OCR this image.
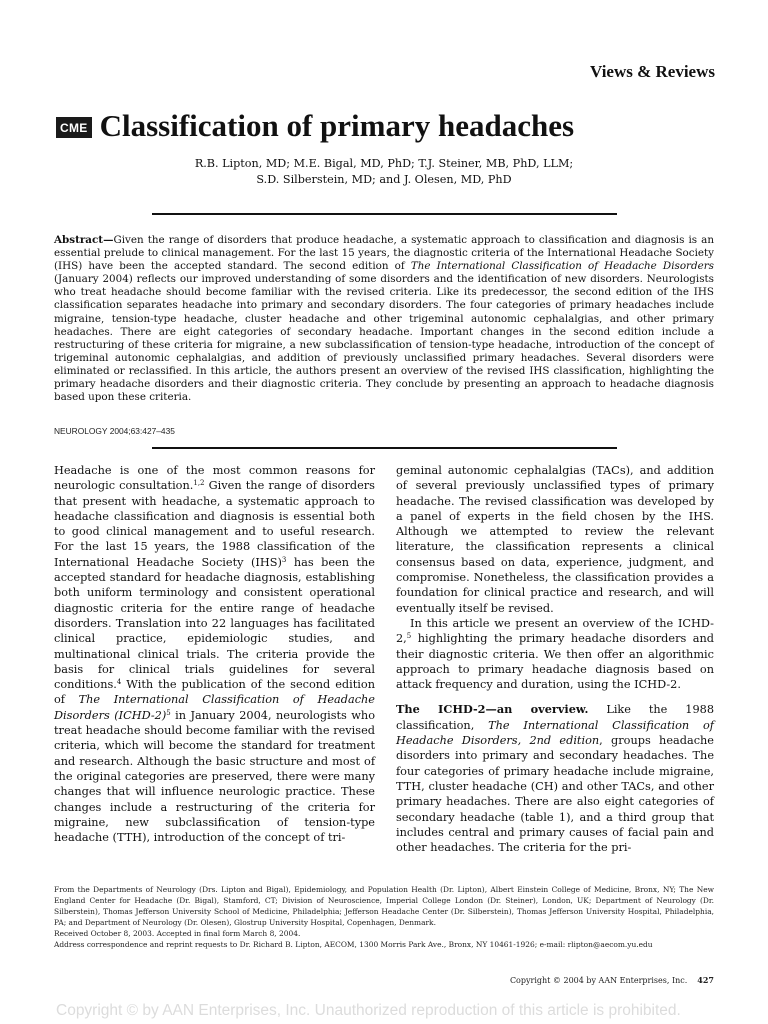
Views & Reviews
CME Classification of primary headaches
R.B. Lipton, MD; M.E. Bigal, MD, PhD; T.J. Steiner, MB, PhD, LLM;
S.D. Silberstein, MD; and J. Olesen, MD, PhD
Abstract—Given the range of disorders that produce headache, a systematic approach to classification and diagnosis is an essential prelude to clinical management. For the last 15 years, the diagnostic criteria of the International Headache Society (IHS) have been the accepted standard. The second edition of The International Classification of Headache Disorders (January 2004) reflects our improved understanding of some disorders and the identification of new disorders. Neurologists who treat headache should become familiar with the revised criteria. Like its predecessor, the second edition of the IHS classification separates headache into primary and secondary disorders. The four categories of primary headaches include migraine, tension-type headache, cluster headache and other trigeminal autonomic cephalalgias, and other primary headaches. There are eight categories of secondary headache. Important changes in the second edition include a restructuring of these criteria for migraine, a new subclassification of tension-type headache, introduction of the concept of trigeminal autonomic cephalalgias, and addition of previously unclassified primary headaches. Several disorders were eliminated or reclassified. In this article, the authors present an overview of the revised IHS classification, highlighting the primary headache disorders and their diagnostic criteria. They conclude by presenting an approach to headache diagnosis based upon these criteria.
NEUROLOGY 2004;63:427–435

Headache is one of the most common reasons for neurologic consultation.$^{1,2}$ Given the range of disorders that present with headache, a systematic approach to headache classification and diagnosis is essential both to good clinical management and to useful research. For the last 15 years, the 1988 classification of the International Headache Society (IHS)$^3$ has been the accepted standard for headache diagnosis, establishing both uniform terminology and consistent operational diagnostic criteria for the entire range of headache disorders. Translation into 22 languages has facilitated clinical practice, epidemiologic studies, and multinational clinical trials. The criteria provide the basis for clinical trials guidelines for several conditions.$^4$ With the publication of the second edition of The International Classification of Headache Disorders (ICHD-2)$^5$ in January 2004, neurologists who treat headache should become familiar with the revised criteria, which will become the standard for treatment and research. Although the basic structure and most of the original categories are preserved, there were many changes that will influence neurologic practice. These changes include a restructuring of the criteria for migraine, new subclassification of tension-type headache (TTH), introduction of the concept of tri-

geminal autonomic cephalalgias (TACs), and addition of several previously unclassified types of primary headache. The revised classification was developed by a panel of experts in the field chosen by the IHS. Although we attempted to review the relevant literature, the classification represents a clinical consensus based on data, experience, judgment, and compromise. Nonetheless, the classification provides a foundation for clinical practice and research, and will eventually itself be revised.

In this article we present an overview of the ICHD-2,$^5$ highlighting the primary headache disorders and their diagnostic criteria. We then offer an algorithmic approach to primary headache diagnosis based on attack frequency and duration, using the ICHD-2.

The ICHD-2—an overview. Like the 1988 classification, The International Classification of Headache Disorders, 2nd edition, groups headache disorders into primary and secondary headaches. The four categories of primary headache include migraine, TTH, cluster headache (CH) and other TACs, and other primary headaches. There are also eight categories of secondary headache (table 1), and a third group that includes central and primary causes of facial pain and other headaches. The criteria for the pri-

From the Departments of Neurology (Drs. Lipton and Bigal), Epidemiology, and Population Health (Dr. Lipton), Albert Einstein College of Medicine, Bronx, NY; The New England Center for Headache (Dr. Bigal), Stamford, CT; Division of Neuroscience, Imperial College London (Dr. Steiner), London, UK; Department of Neurology (Dr. Silberstein), Thomas Jefferson University School of Medicine, Philadelphia; Jefferson Headache Center (Dr. Silberstein), Thomas Jefferson University Hospital, Philadelphia, PA; and Department of Neurology (Dr. Olesen), Glostrup University Hospital, Copenhagen, Denmark.

Received October 8, 2003. Accepted in final form March 8, 2004.

Address correspondence and reprint requests to Dr. Richard B. Lipton, AECOM, 1300 Morris Park Ave., Bronx, NY 10461-1926; e-mail: rlipton@aecom.yu.edu

Copyright © 2004 by AAN Enterprises, Inc. 427
Copyright © by AAN Enterprises, Inc. Unauthorized reproduction of this article is prohibited.
